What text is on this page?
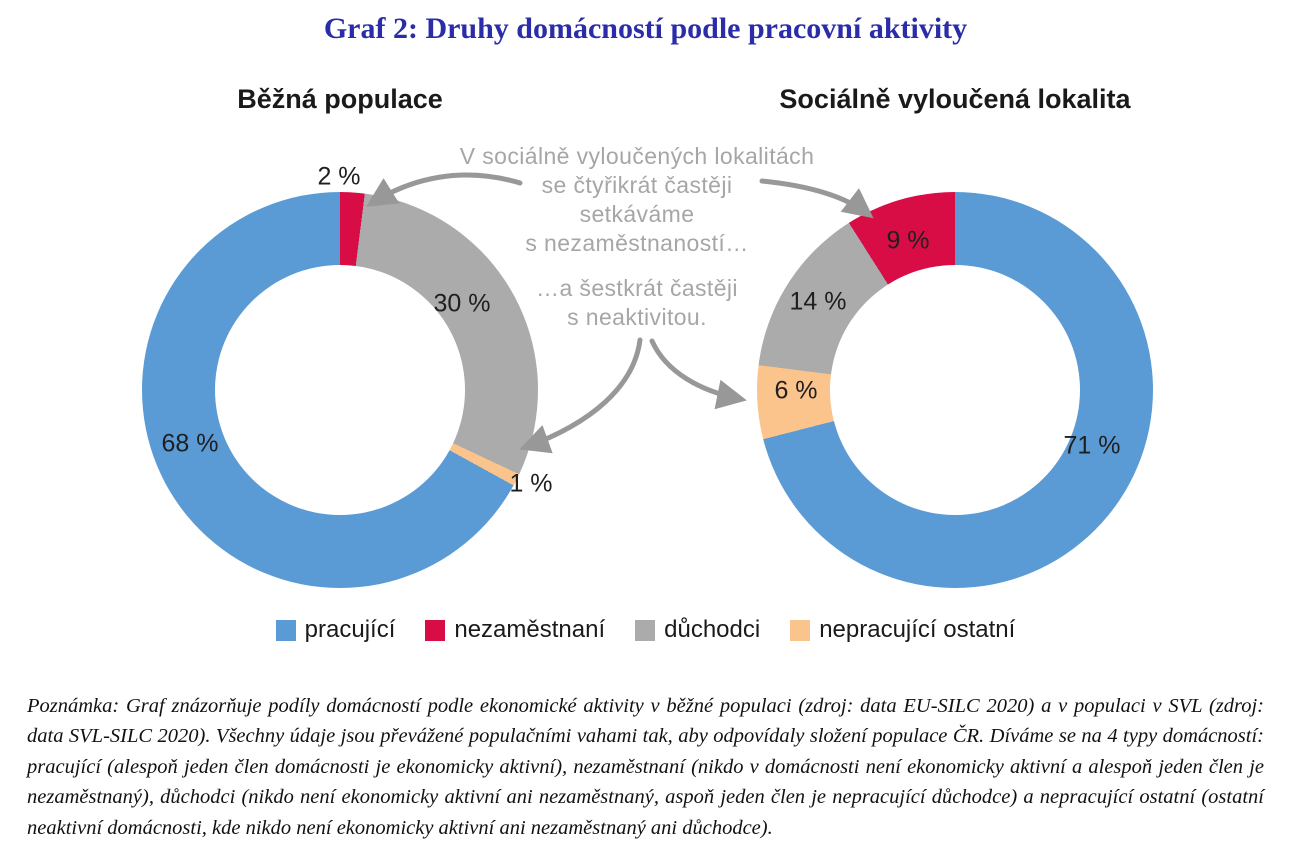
Graf 2: Druhy domácností podle pracovní aktivity
Běžná populace	Sociálně vyloučená lokalita
2 %
30 %
1 %
68 %	71 %
6 %
14 %
9 %
V sociálně vyloučených lokalitách
se čtyřikrát častěji
setkáváme
s nezaměstnaností…
…a šestkrát častěji
s neaktivitou.
pracující nezaměstnaní důchodci nepracující ostatní

Poznámka: Graf znázorňuje podíly domácností podle ekonomické aktivity v běžné populaci (zdroj: data EU-SILC 2020) a v populaci v SVL (zdroj: data SVL-SILC 2020). Všechny údaje jsou převážené populačními vahami tak, aby odpovídaly složení populace ČR. Díváme se na 4 typy domácností: pracující (alespoň jeden člen domácnosti je ekonomicky aktivní), nezaměstnaní (nikdo v domácnosti není ekonomicky aktivní a alespoň jeden člen je nezaměstnaný), důchodci (nikdo není ekonomicky aktivní ani nezaměstnaný, aspoň jeden člen je nepracující důchodce) a nepracující ostatní (ostatní neaktivní domácnosti, kde nikdo není ekonomicky aktivní ani nezaměstnaný ani důchodce).
